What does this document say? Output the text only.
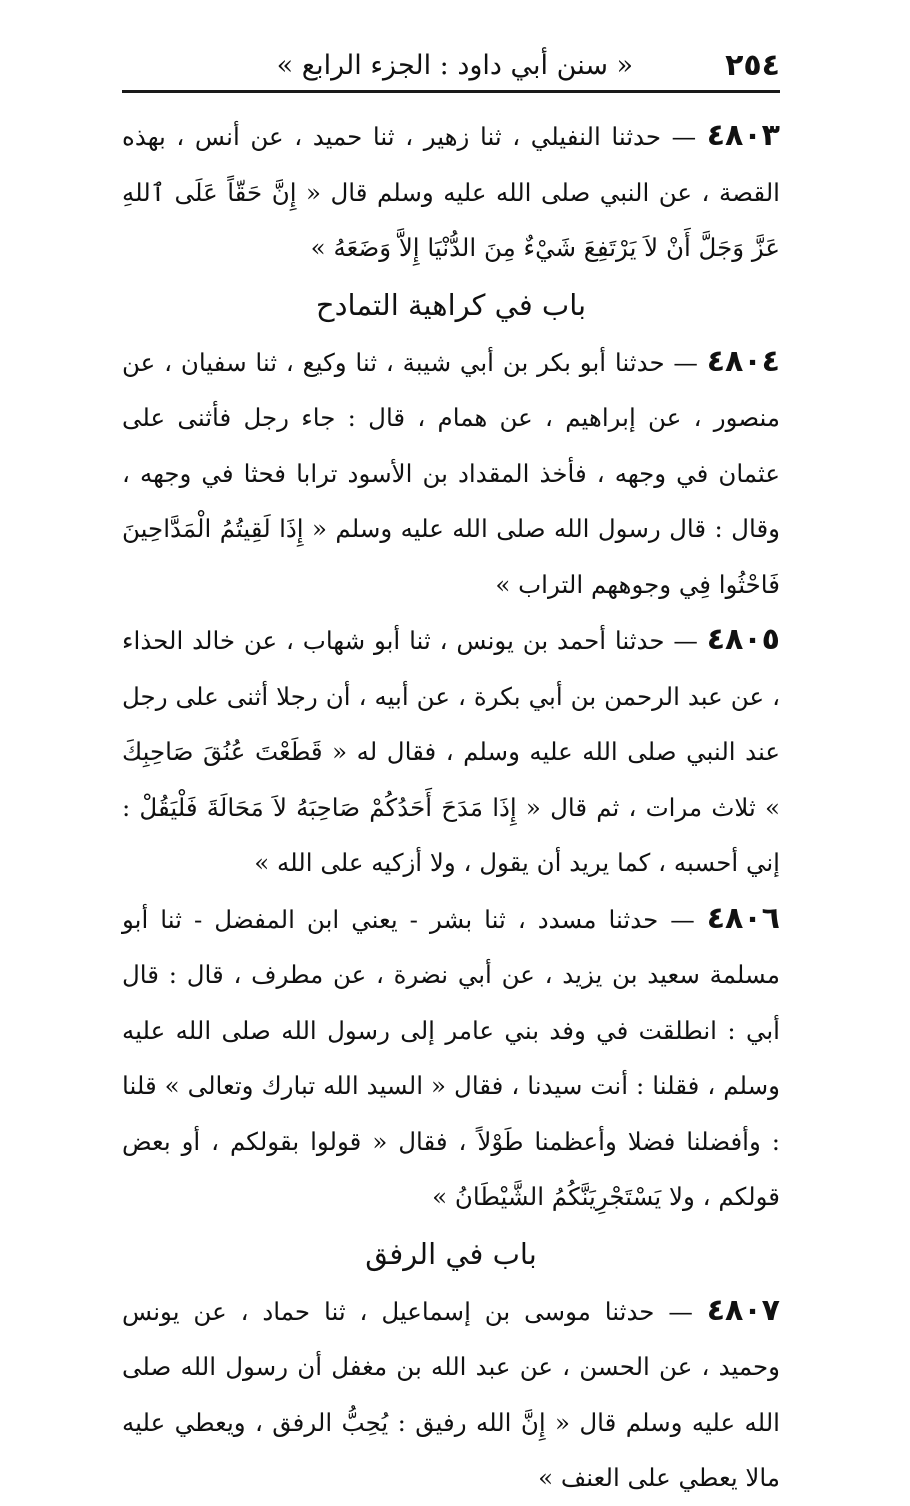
٢٥٤
« سنن أبي داود : الجزء الرابع »

٤٨٠٣ — حدثنا النفيلي ، ثنا زهير ، ثنا حميد ، عن أنس ، بهذه القصة ، عن النبي صلى الله عليه وسلم قال « إِنَّ حَقّاً عَلَى ٱللهِ عَزَّ وَجَلَّ أَنْ لاَ يَرْتَفِعَ شَيْءٌ مِنَ الدُّنْيَا إِلاَّ وَضَعَهُ »

باب في كراهية التمادح

٤٨٠٤ — حدثنا أبو بكر بن أبي شيبة ، ثنا وكيع ، ثنا سفيان ، عن منصور ، عن إبراهيم ، عن همام ، قال : جاء رجل فأثنى على عثمان في وجهه ، فأخذ المقداد بن الأسود ترابا فحثا في وجهه ، وقال : قال رسول الله صلى الله عليه وسلم « إِذَا لَقِيتُمُ الْمَدَّاحِينَ فَاحْثُوا فِي وجوههم التراب »

٤٨٠٥ — حدثنا أحمد بن يونس ، ثنا أبو شهاب ، عن خالد الحذاء ، عن عبد الرحمن بن أبي بكرة ، عن أبيه ، أن رجلا أثنى على رجل عند النبي صلى الله عليه وسلم ، فقال له « قَطَعْتَ عُنُقَ صَاحِبِكَ » ثلاث مرات ، ثم قال « إِذَا مَدَحَ أَحَدُكُمْ صَاحِبَهُ لاَ مَحَالَةَ فَلْيَقُلْ : إني أحسبه ، كما يريد أن يقول ، ولا أزكيه على الله »

٤٨٠٦ — حدثنا مسدد ، ثنا بشر - يعني ابن المفضل - ثنا أبو مسلمة سعيد بن يزيد ، عن أبي نضرة ، عن مطرف ، قال : قال أبي : انطلقت في وفد بني عامر إلى رسول الله صلى الله عليه وسلم ، فقلنا : أنت سيدنا ، فقال « السيد الله تبارك وتعالى » قلنا : وأفضلنا فضلا وأعظمنا طَوْلاً ، فقال « قولوا بقولكم ، أو بعض قولكم ، ولا يَسْتَجْرِيَنَّكُمُ الشَّيْطَانُ »

باب في الرفق

٤٨٠٧ — حدثنا موسى بن إسماعيل ، ثنا حماد ، عن يونس وحميد ، عن الحسن ، عن عبد الله بن مغفل أن رسول الله صلى الله عليه وسلم قال « إِنَّ الله رفيق : يُحِبُّ الرفق ، ويعطي عليه مالا يعطي على العنف »
